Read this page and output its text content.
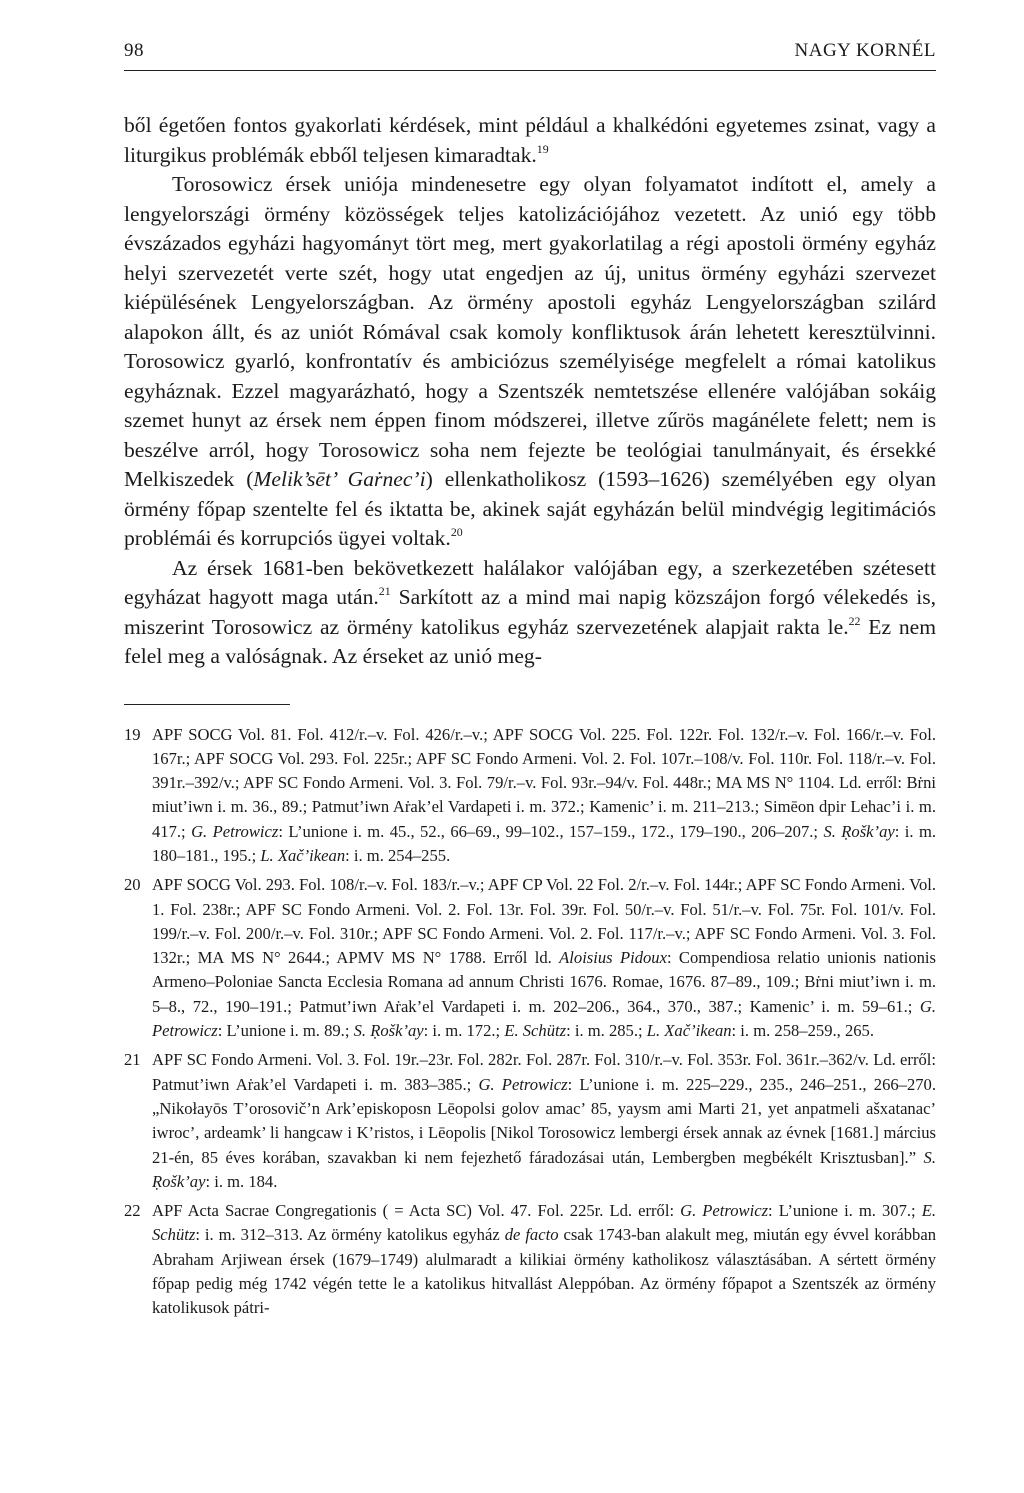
98	NAGY KORNÉL

ből égetően fontos gyakorlati kérdések, mint például a khalkédóni egyetemes zsinat, vagy a liturgikus problémák ebből teljesen kimaradtak.$^{19}$

Torosowicz érsek uniója mindenesetre egy olyan folyamatot indított el, amely a lengyelországi örmény közösségek teljes katolizációjához vezetett. Az unió egy több évszázados egyházi hagyományt tört meg, mert gyakorlatilag a régi apostoli örmény egyház helyi szervezetét verte szét, hogy utat engedjen az új, unitus örmény egyházi szervezet kiépülésének Lengyelországban. Az örmény apostoli egyház Lengyelországban szilárd alapokon állt, és az uniót Rómával csak komoly konfliktusok árán lehetett keresztülvinni. Torosowicz gyarló, konfrontatív és ambiciózus személyisége megfelelt a római katolikus egyháznak. Ezzel magyarázható, hogy a Szentszék nemtetszése ellenére valójában sokáig szemet hunyt az érsek nem éppen finom módszerei, illetve zűrös magánélete felett; nem is beszélve arról, hogy Torosowicz soha nem fejezte be teológiai tanulmányait, és érsekké Melkiszedek (Melik’sēt’ Gaṙnec’i) ellenkatholikosz (1593–1626) személyében egy olyan örmény főpap szentelte fel és iktatta be, akinek saját egyházán belül mindvégig legitimációs problémái és korrupciós ügyei voltak.$^{20}$

Az érsek 1681-ben bekövetkezett halálakor valójában egy, a szerkezetében szétesett egyházat hagyott maga után.$^{21}$ Sarkított az a mind mai napig közszájon forgó vélekedés is, miszerint Torosowicz az örmény katolikus egyház szervezetének alapjait rakta le.$^{22}$ Ez nem felel meg a valóságnak. Az érseket az unió meg-

19 APF SOCG Vol. 81. Fol. 412/r.–v. Fol. 426/r.–v.; APF SOCG Vol. 225. Fol. 122r. Fol. 132/r.–v. Fol. 166/r.–v. Fol. 167r.; APF SOCG Vol. 293. Fol. 225r.; APF SC Fondo Armeni. Vol. 2. Fol. 107r.–108/v. Fol. 110r. Fol. 118/r.–v. Fol. 391r.–392/v.; APF SC Fondo Armeni. Vol. 3. Fol. 79/r.–v. Fol. 93r.–94/v. Fol. 448r.; MA MS N° 1104. Ld. erről: Bṙni miut’iwn i. m. 36., 89.; Patmut’iwn Aṙak’el Vardapeti i. m. 372.; Kamenic’ i. m. 211–213.; Simēon dpir Lehac’i i. m. 417.; G. Petrowicz: L’unione i. m. 45., 52., 66–69., 99–102., 157–159., 172., 179–190., 206–207.; S. Ṛošk’ay: i. m. 180–181., 195.; L. Xač’ikean: i. m. 254–255.
20 APF SOCG Vol. 293. Fol. 108/r.–v. Fol. 183/r.–v.; APF CP Vol. 22 Fol. 2/r.–v. Fol. 144r.; APF SC Fondo Armeni. Vol. 1. Fol. 238r.; APF SC Fondo Armeni. Vol. 2. Fol. 13r. Fol. 39r. Fol. 50/r.–v. Fol. 51/r.–v. Fol. 75r. Fol. 101/v. Fol. 199/r.–v. Fol. 200/r.–v. Fol. 310r.; APF SC Fondo Armeni. Vol. 2. Fol. 117/r.–v.; APF SC Fondo Armeni. Vol. 3. Fol. 132r.; MA MS N° 2644.; APMV MS N° 1788. Erről ld. Aloisius Pidoux: Compendiosa relatio unionis nationis Armeno–Poloniae Sancta Ecclesia Romana ad annum Christi 1676. Romae, 1676. 87–89., 109.; Bṙni miut’iwn i. m. 5–8., 72., 190–191.; Patmut’iwn Aṙak’el Vardapeti i. m. 202–206., 364., 370., 387.; Kamenic’ i. m. 59–61.; G. Petrowicz: L’unione i. m. 89.; S. Ṛošk’ay: i. m. 172.; E. Schütz: i. m. 285.; L. Xač’ikean: i. m. 258–259., 265.
21 APF SC Fondo Armeni. Vol. 3. Fol. 19r.–23r. Fol. 282r. Fol. 287r. Fol. 310/r.–v. Fol. 353r. Fol. 361r.–362/v. Ld. erről: Patmut’iwn Aṙak’el Vardapeti i. m. 383–385.; G. Petrowicz: L’unione i. m. 225–229., 235., 246–251., 266–270. „Nikołayōs T’orosovič’n Ark’episkoposn Lēopolsi golov amac’ 85, yaysm ami Marti 21, yet anpatmeli ašxatanac’ iwroc’, ardeamk’ li hangcaw i K’ristos, i Lēopolis [Nikol Torosowicz lembergi érsek annak az évnek [1681.] március 21-én, 85 éves korában, szavakban ki nem fejezhető fáradozásai után, Lembergben megbékélt Krisztusban].” S. Ṛošk’ay: i. m. 184.
22 APF Acta Sacrae Congregationis ( = Acta SC) Vol. 47. Fol. 225r. Ld. erről: G. Petrowicz: L’unione i. m. 307.; E. Schütz: i. m. 312–313. Az örmény katolikus egyház de facto csak 1743-ban alakult meg, miután egy évvel korábban Abraham Arjiwean érsek (1679–1749) alulmaradt a kilikiai örmény katholikosz választásában. A sértett örmény főpap pedig még 1742 végén tette le a katolikus hitvallást Aleppóban. Az örmény főpapot a Szentszék az örmény katolikusok pátri-
